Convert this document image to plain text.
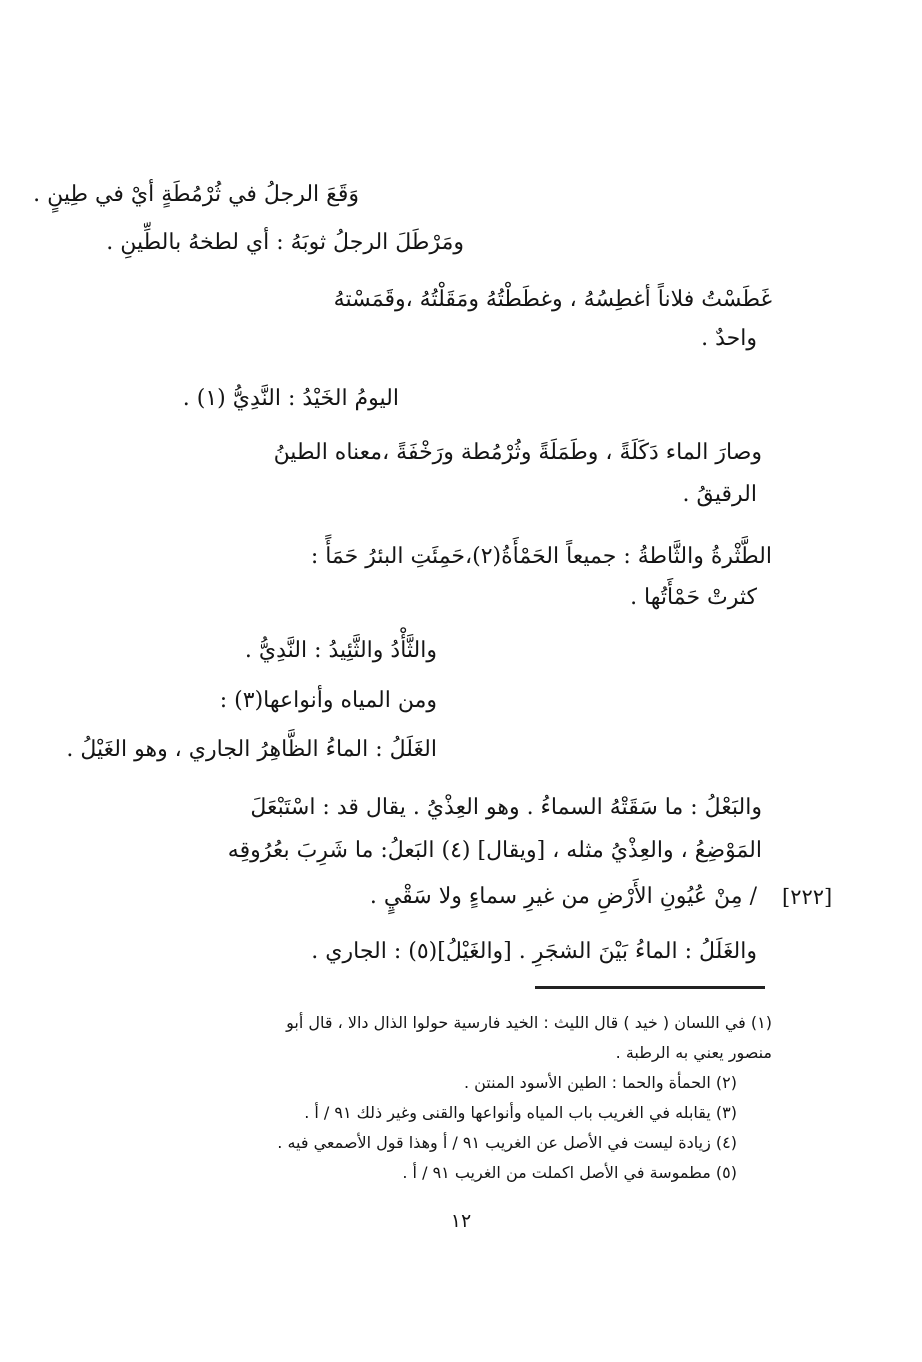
وَقَعَ الرجلُ في ثُرْمُطَةٍ أيْ في طِينٍ .
ومَرْطَلَ الرجلُ ثوبَهُ : أي لطخهُ بالطِّينِ .
غَطَسْتُ فلاناً أغطِسُهُ ، وغطَطْتُهُ ومَقَلْتُهُ ،وقَمَسْتهُ
واحدٌ .
اليومُ الخَيْدُ : النَّدِيُّ (١) .
وصارَ الماء دَكَلَةً ، وطَمَلَةً وثُرْمُطة ورَخْفَةً ،معناه الطينُ
الرقيقُ .
الطَّثْرةُ والثَّاطةُ : جميعاً الحَمْأَةُ(٢)،حَمِئَتِ البئرُ حَمَأً :
كثرتْ حَمْأَتُها .
والثَّأْدُ والثَّئِيدُ : النَّدِيُّ .
ومن المياه وأنواعها(٣) :
الغَلَلُ : الماءُ الظَّاهِرُ الجاري ، وهو الغَيْلُ .
والبَعْلُ : ما سَقَتْهُ السماءُ . وهو العِذْيُ . يقال قد : اسْتَبْعَلَ
المَوْضِعُ ، والعِذْيُ مثله ، [ويقال] (٤) البَعلُ: ما شَرِبَ بعُرُوقِه
/ مِنْ عُيُونِ الأَرْضِ من غيرِ سماءٍ ولا سَقْيٍ .
والغَلَلُ : الماءُ بَيْنَ الشجَرِ . [والغَيْلُ](٥) : الجاري .
[٢٢٢]
(١) في اللسان ( خيد ) قال الليث : الخيد فارسية حولوا الذال دالا ، قال أبو
منصور يعني به الرطبة .
(٢) الحمأة والحما : الطين الأسود المنتن .
(٣) يقابله في الغريب باب المياه وأنواعها والقنى وغير ذلك ٩١ / أ .
(٤) زيادة ليست في الأصل عن الغريب ٩١ / أ وهذا قول الأصمعي فيه .
(٥) مطموسة في الأصل اكملت من الغريب ٩١ / أ .
١٢
